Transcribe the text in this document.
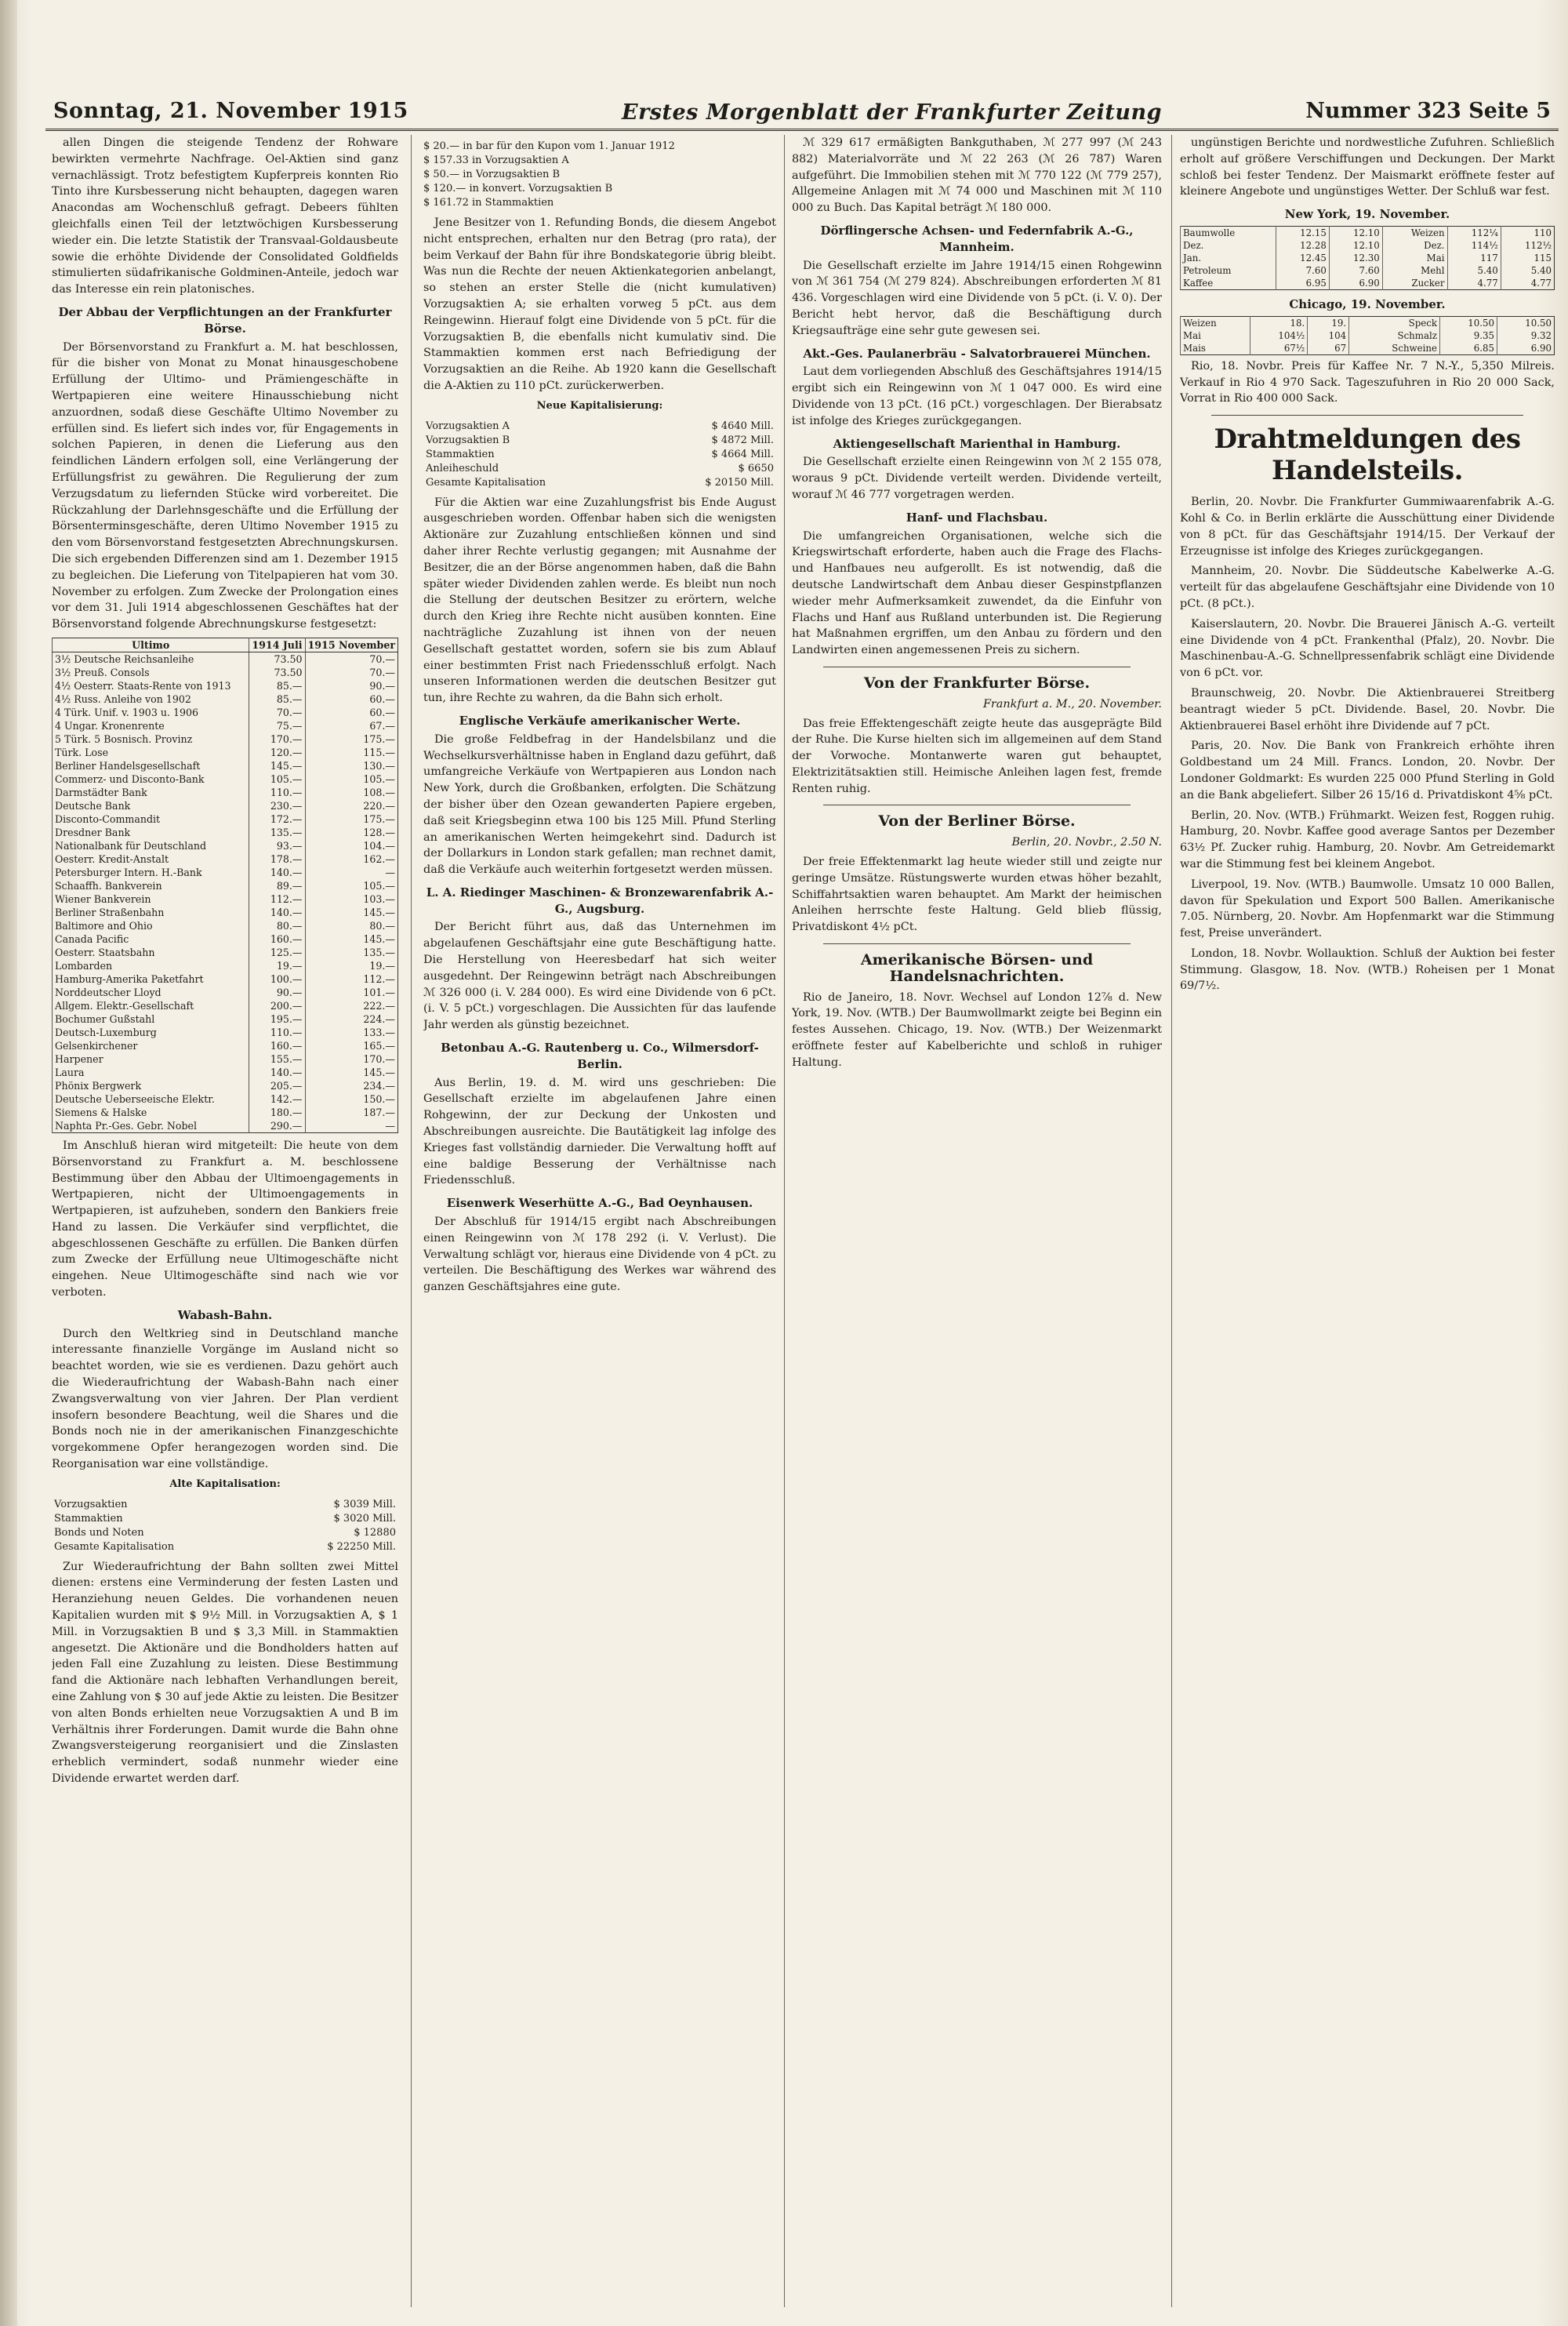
Sonntag, 21. November 1915	Erstes Morgenblatt der Frankfurter Zeitung	Nummer 323 Seite 5

allen Dingen die steigende Tendenz der Rohware bewirkten vermehrte Nachfrage. Oel-Aktien sind ganz vernachlässigt. Trotz befestigtem Kupferpreis konnten Rio Tinto ihre Kursbesserung nicht behaupten, dagegen waren Anacondas am Wochenschluß gefragt. Debeers fühlten gleichfalls einen Teil der letztwöchigen Kursbesserung wieder ein. Die letzte Statistik der Transvaal-Goldausbeute sowie die erhöhte Dividende der Consolidated Goldfields stimulierten südafrikanische Goldminen-Anteile, jedoch war das Interesse ein rein platonisches.

Der Abbau der Verpflichtungen an der Frankfurter Börse.

Der Börsenvorstand zu Frankfurt a. M. hat beschlossen, für die bisher von Monat zu Monat hinausgeschobene Erfüllung der Ultimo- und Prämiengeschäfte in Wertpapieren eine weitere Hinausschiebung nicht anzuordnen, sodaß diese Geschäfte Ultimo November zu erfüllen sind. Es liefert sich indes vor, für Engagements in solchen Papieren, in denen die Lieferung aus den feindlichen Ländern erfolgen soll, eine Verlängerung der Erfüllungsfrist zu gewähren. Die Regulierung der zum Verzugsdatum zu liefernden Stücke wird vorbereitet. Die Rückzahlung der Darlehnsgeschäfte und die Erfüllung der Börsenterminsgeschäfte, deren Ultimo November 1915 zu den vom Börsenvorstand festgesetzten Abrechnungskursen. Die sich ergebenden Differenzen sind am 1. Dezember 1915 zu begleichen. Die Lieferung von Titelpapieren hat vom 30. November zu erfolgen. Zum Zwecke der Prolongation eines vor dem 31. Juli 1914 abgeschlossenen Geschäftes hat der Börsenvorstand folgende Abrechnungskurse festgesetzt:

Ultimo	1914 Juli	1915 November
3½ Deutsche Reichsanleihe	73.50	70.—
3½ Preuß. Consols	73.50	70.—
4½ Oesterr. Staats-Rente von 1913	85.—	90.—
4½ Russ. Anleihe von 1902	85.—	60.—
4 Türk. Unif. v. 1903 u. 1906	70.—	60.—
4 Ungar. Kronenrente	75.—	67.—
5 Türk. 5 Bosnisch. Provinz	170.—	175.—
Türk. Lose	120.—	115.—
Berliner Handelsgesellschaft	145.—	130.—
Commerz- und Disconto-Bank	105.—	105.—
Darmstädter Bank	110.—	108.—
Deutsche Bank	230.—	220.—
Disconto-Commandit	172.—	175.—
Dresdner Bank	135.—	128.—
Nationalbank für Deutschland	93.—	104.—
Oesterr. Kredit-Anstalt	178.—	162.—
Petersburger Intern. H.-Bank	140.—	—
Schaaffh. Bankverein	89.—	105.—
Wiener Bankverein	112.—	103.—
Berliner Straßenbahn	140.—	145.—
Baltimore and Ohio	80.—	80.—
Canada Pacific	160.—	145.—
Oesterr. Staatsbahn	125.—	135.—
Lombarden	19.—	19.—
Hamburg-Amerika Paketfahrt	100.—	112.—
Norddeutscher Lloyd	90.—	101.—
Allgem. Elektr.-Gesellschaft	200.—	222.—
Bochumer Gußstahl	195.—	224.—
Deutsch-Luxemburg	110.—	133.—
Gelsenkirchener	160.—	165.—
Harpener	155.—	170.—
Laura	140.—	145.—
Phönix Bergwerk	205.—	234.—
Deutsche Ueberseeische Elektr.	142.—	150.—
Siemens & Halske	180.—	187.—
Naphta Pr.-Ges. Gebr. Nobel	290.—	—

Im Anschluß hieran wird mitgeteilt: Die heute von dem Börsenvorstand zu Frankfurt a. M. beschlossene Bestimmung über den Abbau der Ultimoengagements in Wertpapieren, nicht der Ultimoengagements in Wertpapieren, ist aufzuheben, sondern den Bankiers freie Hand zu lassen. Die Verkäufer sind verpflichtet, die abgeschlossenen Geschäfte zu erfüllen. Die Banken dürfen zum Zwecke der Erfüllung neue Ultimogeschäfte nicht eingehen. Neue Ultimogeschäfte sind nach wie vor verboten.

Wabash-Bahn.

Durch den Weltkrieg sind in Deutschland manche interessante finanzielle Vorgänge im Ausland nicht so beachtet worden, wie sie es verdienen. Dazu gehört auch die Wiederaufrichtung der Wabash-Bahn nach einer Zwangsverwaltung von vier Jahren. Der Plan verdient insofern besondere Beachtung, weil die Shares und die Bonds noch nie in der amerikanischen Finanzgeschichte vorgekommene Opfer herangezogen worden sind. Die Reorganisation war eine vollständige.

Alte Kapitalisation:
Vorzugsaktien	$ 3039 Mill.
Stammaktien	$ 3020 Mill.
Bonds und Noten	$ 12880
Gesamte Kapitalisation	$ 22250 Mill.

Zur Wiederaufrichtung der Bahn sollten zwei Mittel dienen: erstens eine Verminderung der festen Lasten und Heranziehung neuen Geldes. Die vorhandenen neuen Kapitalien wurden mit $ 9½ Mill. in Vorzugsaktien A, $ 1 Mill. in Vorzugsaktien B und $ 3,3 Mill. in Stammaktien angesetzt. Die Aktionäre und die Bondholders hatten auf jeden Fall eine Zuzahlung zu leisten. Diese Bestimmung fand die Aktionäre nach lebhaften Verhandlungen bereit, eine Zahlung von $ 30 auf jede Aktie zu leisten. Die Besitzer von alten Bonds erhielten neue Vorzugsaktien A und B im Verhältnis ihrer Forderungen. Damit wurde die Bahn ohne Zwangsversteigerung reorganisiert und die Zinslasten erheblich vermindert, sodaß nunmehr wieder eine Dividende erwartet werden darf.

$ 20.— in bar für den Kupon vom 1. Januar 1912
$ 157.33 in Vorzugsaktien A
$ 50.— in Vorzugsaktien B
$ 120.— in konvert. Vorzugsaktien B
$ 161.72 in Stammaktien

Jene Besitzer von 1. Refunding Bonds, die diesem Angebot nicht entsprechen, erhalten nur den Betrag (pro rata), der beim Verkauf der Bahn für ihre Bondskategorie übrig bleibt. Was nun die Rechte der neuen Aktienkategorien anbelangt, so stehen an erster Stelle die (nicht kumulativen) Vorzugsaktien A; sie erhalten vorweg 5 pCt. aus dem Reingewinn. Hierauf folgt eine Dividende von 5 pCt. für die Vorzugsaktien B, die ebenfalls nicht kumulativ sind. Die Stammaktien kommen erst nach Befriedigung der Vorzugsaktien an die Reihe. Ab 1920 kann die Gesellschaft die A-Aktien zu 110 pCt. zurückerwerben.

Neue Kapitalisierung:
Vorzugsaktien A	$ 4640 Mill.
Vorzugsaktien B	$ 4872 Mill.
Stammaktien	$ 4664 Mill.
Anleiheschuld	$ 6650
Gesamte Kapitalisation	$ 20150 Mill.

Für die Aktien war eine Zuzahlungsfrist bis Ende August ausgeschrieben worden. Offenbar haben sich die wenigsten Aktionäre zur Zuzahlung entschließen können und sind daher ihrer Rechte verlustig gegangen; mit Ausnahme der Besitzer, die an der Börse angenommen haben, daß die Bahn später wieder Dividenden zahlen werde. Es bleibt nun noch die Stellung der deutschen Besitzer zu erörtern, welche durch den Krieg ihre Rechte nicht ausüben konnten. Eine nachträgliche Zuzahlung ist ihnen von der neuen Gesellschaft gestattet worden, sofern sie bis zum Ablauf einer bestimmten Frist nach Friedensschluß erfolgt. Nach unseren Informationen werden die deutschen Besitzer gut tun, ihre Rechte zu wahren, da die Bahn sich erholt.

Englische Verkäufe amerikanischer Werte.

Die große Feldbefrag in der Handelsbilanz und die Wechselkursverhältnisse haben in England dazu geführt, daß umfangreiche Verkäufe von Wertpapieren aus London nach New York, durch die Großbanken, erfolgten. Die Schätzung der bisher über den Ozean gewanderten Papiere ergeben, daß seit Kriegsbeginn etwa 100 bis 125 Mill. Pfund Sterling an amerikanischen Werten heimgekehrt sind. Dadurch ist der Dollarkurs in London stark gefallen; man rechnet damit, daß die Verkäufe auch weiterhin fortgesetzt werden müssen.

L. A. Riedinger Maschinen- & Bronzewarenfabrik A.-G., Augsburg.

Der Bericht führt aus, daß das Unternehmen im abgelaufenen Geschäftsjahr eine gute Beschäftigung hatte. Die Herstellung von Heeresbedarf hat sich weiter ausgedehnt. Der Reingewinn beträgt nach Abschreibungen ℳ 326 000 (i. V. 284 000). Es wird eine Dividende von 6 pCt. (i. V. 5 pCt.) vorgeschlagen. Die Aussichten für das laufende Jahr werden als günstig bezeichnet.

Betonbau A.-G. Rautenberg u. Co., Wilmersdorf-Berlin.

Aus Berlin, 19. d. M. wird uns geschrieben: Die Gesellschaft erzielte im abgelaufenen Jahre einen Rohgewinn, der zur Deckung der Unkosten und Abschreibungen ausreichte. Die Bautätigkeit lag infolge des Krieges fast vollständig darnieder. Die Verwaltung hofft auf eine baldige Besserung der Verhältnisse nach Friedensschluß.

Eisenwerk Weserhütte A.-G., Bad Oeynhausen.

Der Abschluß für 1914/15 ergibt nach Abschreibungen einen Reingewinn von ℳ 178 292 (i. V. Verlust). Die Verwaltung schlägt vor, hieraus eine Dividende von 4 pCt. zu verteilen. Die Beschäftigung des Werkes war während des ganzen Geschäftsjahres eine gute.

ℳ 329 617 ermäßigten Bankguthaben, ℳ 277 997 (ℳ 243 882) Materialvorräte und ℳ 22 263 (ℳ 26 787) Waren aufgeführt. Die Immobilien stehen mit ℳ 770 122 (ℳ 779 257), Allgemeine Anlagen mit ℳ 74 000 und Maschinen mit ℳ 110 000 zu Buch. Das Kapital beträgt ℳ 180 000.

Dörflingersche Achsen- und Federnfabrik A.-G., Mannheim.

Die Gesellschaft erzielte im Jahre 1914/15 einen Rohgewinn von ℳ 361 754 (ℳ 279 824). Abschreibungen erforderten ℳ 81 436. Vorgeschlagen wird eine Dividende von 5 pCt. (i. V. 0). Der Bericht hebt hervor, daß die Beschäftigung durch Kriegsaufträge eine sehr gute gewesen sei.

Akt.-Ges. Paulanerbräu - Salvatorbrauerei München.

Laut dem vorliegenden Abschluß des Geschäftsjahres 1914/15 ergibt sich ein Reingewinn von ℳ 1 047 000. Es wird eine Dividende von 13 pCt. (16 pCt.) vorgeschlagen. Der Bierabsatz ist infolge des Krieges zurückgegangen.

Aktiengesellschaft Marienthal in Hamburg.

Die Gesellschaft erzielte einen Reingewinn von ℳ 2 155 078, woraus 9 pCt. Dividende verteilt werden. Dividende verteilt, worauf ℳ 46 777 vorgetragen werden.

Hanf- und Flachsbau.

Die umfangreichen Organisationen, welche sich die Kriegswirtschaft erforderte, haben auch die Frage des Flachs- und Hanfbaues neu aufgerollt. Es ist notwendig, daß die deutsche Landwirtschaft dem Anbau dieser Gespinstpflanzen wieder mehr Aufmerksamkeit zuwendet, da die Einfuhr von Flachs und Hanf aus Rußland unterbunden ist. Die Regierung hat Maßnahmen ergriffen, um den Anbau zu fördern und den Landwirten einen angemessenen Preis zu sichern.

Von der Frankfurter Börse.
Frankfurt a. M., 20. November.

Das freie Effektengeschäft zeigte heute das ausgeprägte Bild der Ruhe. Die Kurse hielten sich im allgemeinen auf dem Stand der Vorwoche. Montanwerte waren gut behauptet, Elektrizitätsaktien still. Heimische Anleihen lagen fest, fremde Renten ruhig.

Von der Berliner Börse.
Berlin, 20. Novbr., 2.50 N.

Der freie Effektenmarkt lag heute wieder still und zeigte nur geringe Umsätze. Rüstungswerte wurden etwas höher bezahlt, Schiffahrtsaktien waren behauptet. Am Markt der heimischen Anleihen herrschte feste Haltung. Geld blieb flüssig, Privatdiskont 4½ pCt.

Amerikanische Börsen- und Handelsnachrichten.

Rio de Janeiro, 18. Novr. Wechsel auf London 12⅞ d. New York, 19. Nov. (WTB.) Der Baumwollmarkt zeigte bei Beginn ein festes Aussehen. Chicago, 19. Nov. (WTB.) Der Weizenmarkt eröffnete fester auf Kabelberichte und schloß in ruhiger Haltung.

ungünstigen Berichte und nordwestliche Zufuhren. Schließlich erholt auf größere Verschiffungen und Deckungen. Der Markt schloß bei fester Tendenz. Der Maismarkt eröffnete fester auf kleinere Angebote und ungünstiges Wetter. Der Schluß war fest.

New York, 19. November.
Baumwolle	12.15	12.10	Weizen	112¼	110
Dez.	12.28	12.10	Dez.	114½	112½
Jan.	12.45	12.30	Mai	117	115
Petroleum	7.60	7.60	Mehl	5.40	5.40
Kaffee	6.95	6.90	Zucker	4.77	4.77
Chicago, 19. November.
Weizen	18.	19.	Speck	10.50	10.50
Mai	104½	104	Schmalz	9.35	9.32
Mais	67½	67	Schweine	6.85	6.90

Rio, 18. Novbr. Preis für Kaffee Nr. 7 N.-Y., 5,350 Milreis. Verkauf in Rio 4 970 Sack. Tageszufuhren in Rio 20 000 Sack, Vorrat in Rio 400 000 Sack.

Drahtmeldungen des Handelsteils.

Berlin, 20. Novbr. Die Frankfurter Gummiwaarenfabrik A.-G. Kohl & Co. in Berlin erklärte die Ausschüttung einer Dividende von 8 pCt. für das Geschäftsjahr 1914/15. Der Verkauf der Erzeugnisse ist infolge des Krieges zurückgegangen.

Mannheim, 20. Novbr. Die Süddeutsche Kabelwerke A.-G. verteilt für das abgelaufene Geschäftsjahr eine Dividende von 10 pCt. (8 pCt.).

Kaiserslautern, 20. Novbr. Die Brauerei Jänisch A.-G. verteilt eine Dividende von 4 pCt. Frankenthal (Pfalz), 20. Novbr. Die Maschinenbau-A.-G. Schnellpressenfabrik schlägt eine Dividende von 6 pCt. vor.

Braunschweig, 20. Novbr. Die Aktienbrauerei Streitberg beantragt wieder 5 pCt. Dividende. Basel, 20. Novbr. Die Aktienbrauerei Basel erhöht ihre Dividende auf 7 pCt.

Paris, 20. Nov. Die Bank von Frankreich erhöhte ihren Goldbestand um 24 Mill. Francs. London, 20. Novbr. Der Londoner Goldmarkt: Es wurden 225 000 Pfund Sterling in Gold an die Bank abgeliefert. Silber 26 15/16 d. Privatdiskont 4⅝ pCt.

Berlin, 20. Nov. (WTB.) Frühmarkt. Weizen fest, Roggen ruhig. Hamburg, 20. Novbr. Kaffee good average Santos per Dezember 63½ Pf. Zucker ruhig. Hamburg, 20. Novbr. Am Getreidemarkt war die Stimmung fest bei kleinem Angebot.

Liverpool, 19. Nov. (WTB.) Baumwolle. Umsatz 10 000 Ballen, davon für Spekulation und Export 500 Ballen. Amerikanische 7.05. Nürnberg, 20. Novbr. Am Hopfenmarkt war die Stimmung fest, Preise unverändert.

London, 18. Novbr. Wollauktion. Schluß der Auktion bei fester Stimmung. Glasgow, 18. Nov. (WTB.) Roheisen per 1 Monat 69/7½.
